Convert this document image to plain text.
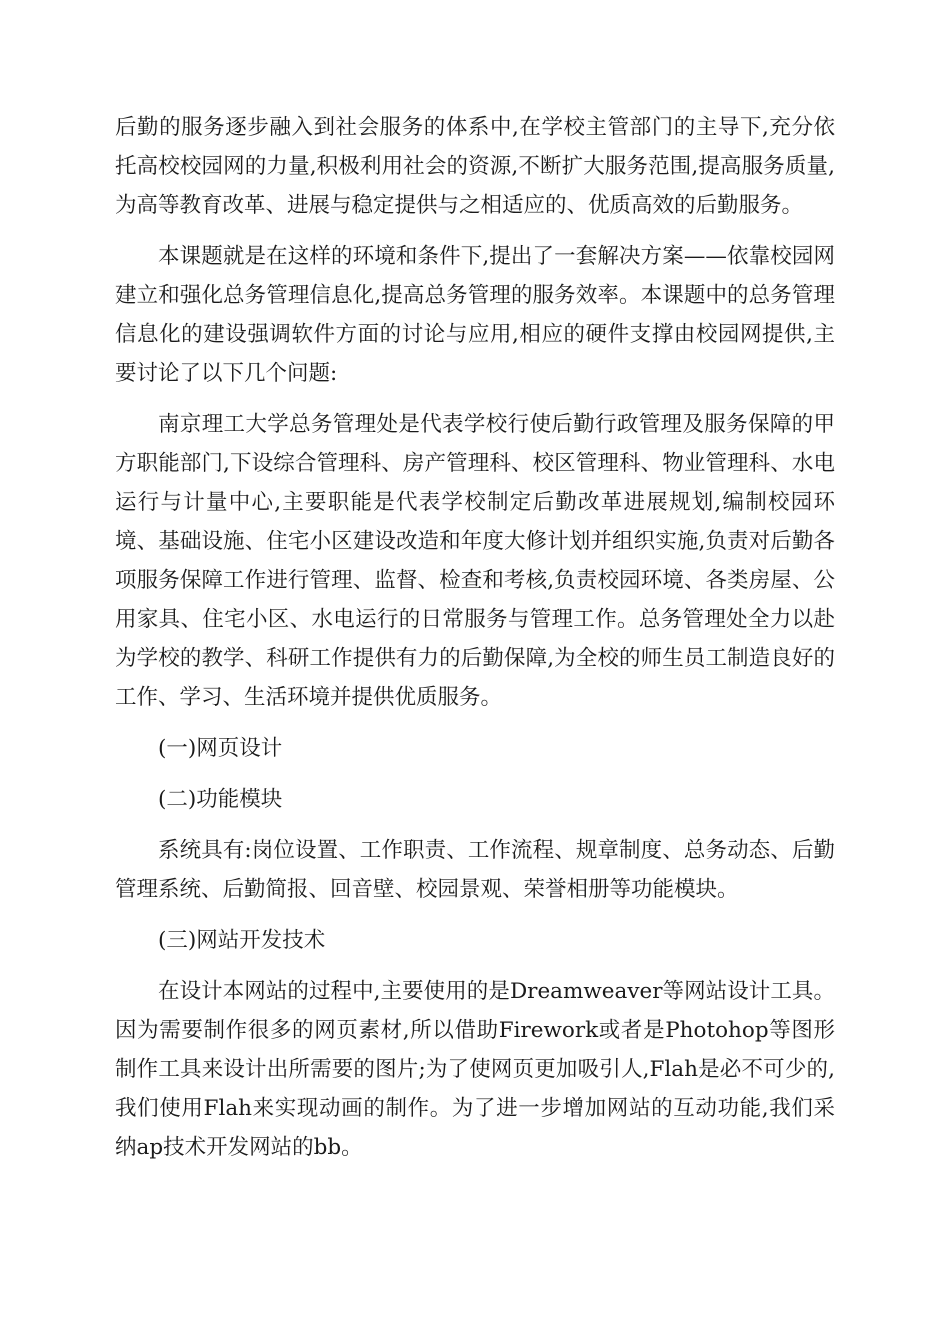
后勤的服务逐步融入到社会服务的体系中,在学校主管部门的主导下,充分依托高校校园网的力量,积极利用社会的资源,不断扩大服务范围,提高服务质量,为高等教育改革、进展与稳定提供与之相适应的、优质高效的后勤服务。

本课题就是在这样的环境和条件下,提出了一套解决方案——依靠校园网建立和强化总务管理信息化,提高总务管理的服务效率。本课题中的总务管理信息化的建设强调软件方面的讨论与应用,相应的硬件支撑由校园网提供,主要讨论了以下几个问题:

南京理工大学总务管理处是代表学校行使后勤行政管理及服务保障的甲方职能部门,下设综合管理科、房产管理科、校区管理科、物业管理科、水电运行与计量中心,主要职能是代表学校制定后勤改革进展规划,编制校园环境、基础设施、住宅小区建设改造和年度大修计划并组织实施,负责对后勤各项服务保障工作进行管理、监督、检查和考核,负责校园环境、各类房屋、公用家具、住宅小区、水电运行的日常服务与管理工作。总务管理处全力以赴为学校的教学、科研工作提供有力的后勤保障,为全校的师生员工制造良好的工作、学习、生活环境并提供优质服务。

(一)网页设计

(二)功能模块

系统具有:岗位设置、工作职责、工作流程、规章制度、总务动态、后勤管理系统、后勤简报、回音壁、校园景观、荣誉相册等功能模块。

(三)网站开发技术

在设计本网站的过程中,主要使用的是Dreamweaver等网站设计工具。因为需要制作很多的网页素材,所以借助Firework或者是Photohop等图形制作工具来设计出所需要的图片;为了使网页更加吸引人,Flah是必不可少的,我们使用Flah来实现动画的制作。为了进一步增加网站的互动功能,我们采纳ap技术开发网站的bb。
